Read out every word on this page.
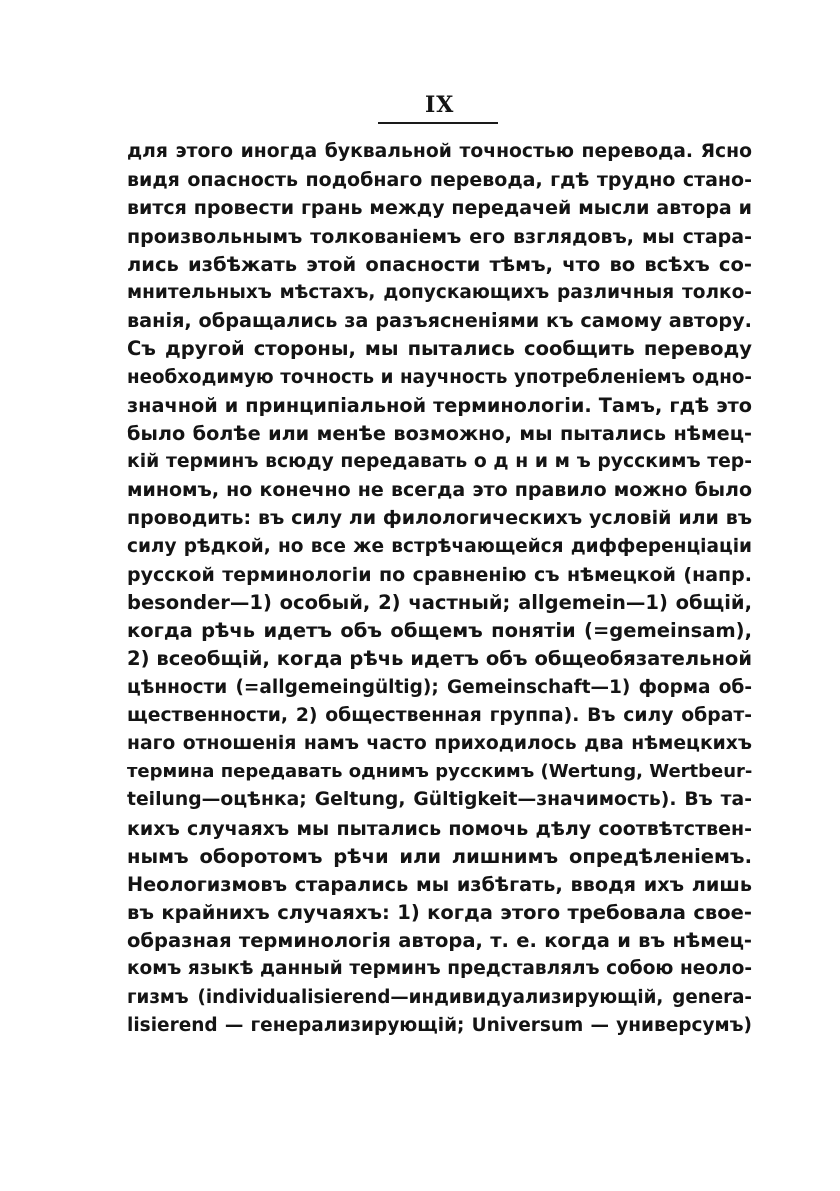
IX
для этого иногда буквальной точностью перевода. Ясно
видя опасность подобнаго перевода, гдѣ трудно стано-
вится провести грань между передачей мысли автора и
произвольнымъ толкованіемъ его взглядовъ, мы стара-
лись избѣжать этой опасности тѣмъ, что во всѣхъ со-
мнительныхъ мѣстахъ, допускающихъ различныя толко-
ванія, обращались за разъясненіями къ самому автору.
Съ другой стороны, мы пытались сообщить переводу
необходимую точность и научность употребленіемъ одно-
значной и принципіальной терминологіи. Тамъ, гдѣ это
было болѣе или менѣе возможно, мы пытались нѣмец-
кій терминъ всюду передавать о д н и м ъ русскимъ тер-
миномъ, но конечно не всегда это правило можно было
проводить: въ силу ли филологическихъ условій или въ
силу рѣдкой, но все же встрѣчающейся дифференціаціи
русской терминологіи по сравненію съ нѣмецкой (напр.
besonder—1) особый, 2) частный; allgemein—1) общій,
когда рѣчь идетъ объ общемъ понятіи (=gemeinsam),
2) всеобщій, когда рѣчь идетъ объ общеобязательной
цѣнности (=allgemeingültig); Gemeinschaft—1) форма об-
щественности, 2) общественная группа). Въ силу обрат-
наго отношенія намъ часто приходилось два нѣмецкихъ
термина передавать однимъ русскимъ (Wertung, Wertbeur-
teilung—оцѣнка; Geltung, Gültigkeit—значимость). Въ та-
кихъ случаяхъ мы пытались помочь дѣлу соотвѣтствен-
нымъ оборотомъ рѣчи или лишнимъ опредѣленіемъ.
Неологизмовъ старались мы избѣгать, вводя ихъ лишь
въ крайнихъ случаяхъ: 1) когда этого требовала свое-
образная терминологія автора, т. е. когда и въ нѣмец-
комъ языкѣ данный терминъ представлялъ собою неоло-
гизмъ (individualisierend—индивидуализирующій, genera-
lisierend — генерализирующій; Universum — универсумъ)
